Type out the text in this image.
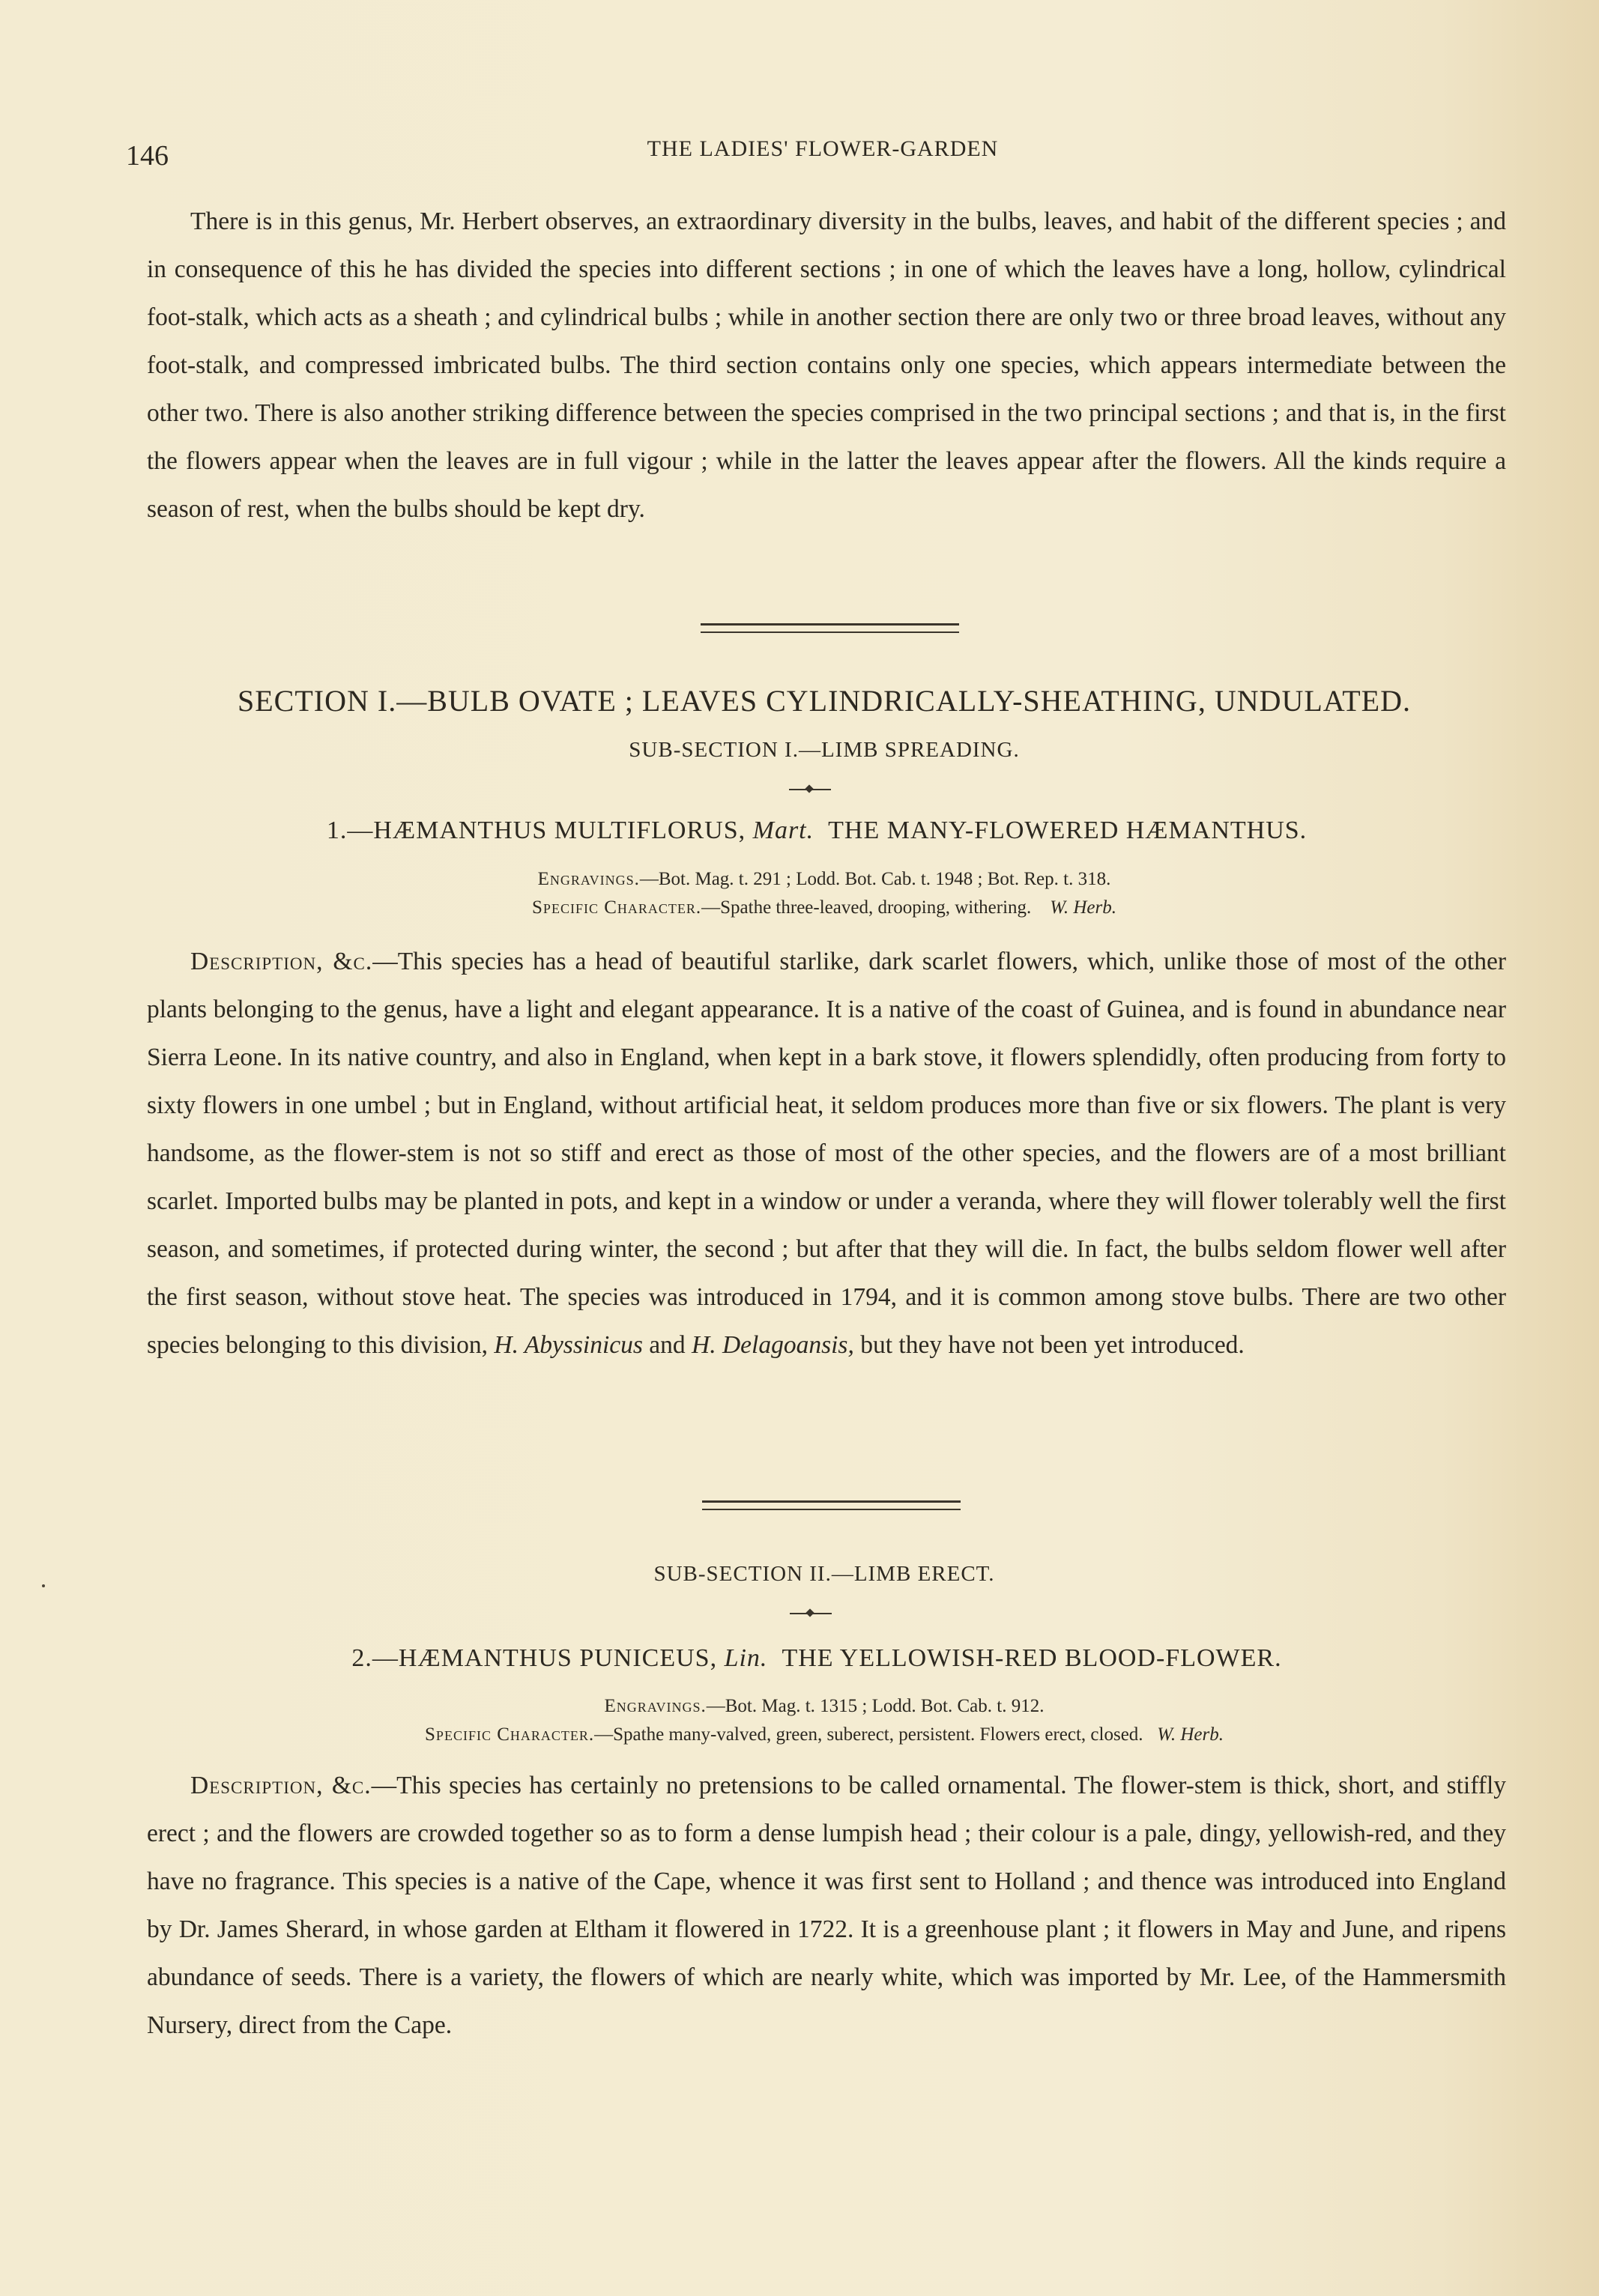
146	THE LADIES' FLOWER-GARDEN

There is in this genus, Mr. Herbert observes, an extraordinary diversity in the bulbs, leaves, and habit of the different species ; and in consequence of this he has divided the species into different sections ; in one of which the leaves have a long, hollow, cylindrical foot-stalk, which acts as a sheath ; and cylindrical bulbs ; while in another section there are only two or three broad leaves, without any foot-stalk, and compressed imbricated bulbs. The third section contains only one species, which appears intermediate between the other two. There is also another striking difference between the species comprised in the two principal sections ; and that is, in the first the flowers appear when the leaves are in full vigour ; while in the latter the leaves appear after the flowers. All the kinds require a season of rest, when the bulbs should be kept dry.

SECTION I.—BULB OVATE ; LEAVES CYLINDRICALLY-SHEATHING, UNDULATED.
SUB-SECTION I.—LIMB SPREADING.
1.—HÆMANTHUS MULTIFLORUS, Mart. THE MANY-FLOWERED HÆMANTHUS.

Engravings.—Bot. Mag. t. 291 ; Lodd. Bot. Cab. t. 1948 ; Bot. Rep. t. 318.

Specific Character.—Spathe three-leaved, drooping, withering. W. Herb.

Description, &c.—This species has a head of beautiful starlike, dark scarlet flowers, which, unlike those of most of the other plants belonging to the genus, have a light and elegant appearance. It is a native of the coast of Guinea, and is found in abundance near Sierra Leone. In its native country, and also in England, when kept in a bark stove, it flowers splendidly, often producing from forty to sixty flowers in one umbel ; but in England, without artificial heat, it seldom produces more than five or six flowers. The plant is very handsome, as the flower-stem is not so stiff and erect as those of most of the other species, and the flowers are of a most brilliant scarlet. Imported bulbs may be planted in pots, and kept in a window or under a veranda, where they will flower tolerably well the first season, and sometimes, if protected during winter, the second ; but after that they will die. In fact, the bulbs seldom flower well after the first season, without stove heat. The species was introduced in 1794, and it is common among stove bulbs. There are two other species belonging to this division, H. Abyssinicus and H. Delagoansis, but they have not been yet introduced.

SUB-SECTION II.—LIMB ERECT.
2.—HÆMANTHUS PUNICEUS, Lin. THE YELLOWISH-RED BLOOD-FLOWER.

Engravings.—Bot. Mag. t. 1315 ; Lodd. Bot. Cab. t. 912.

Specific Character.—Spathe many-valved, green, suberect, persistent. Flowers erect, closed. W. Herb.

Description, &c.—This species has certainly no pretensions to be called ornamental. The flower-stem is thick, short, and stiffly erect ; and the flowers are crowded together so as to form a dense lumpish head ; their colour is a pale, dingy, yellowish-red, and they have no fragrance. This species is a native of the Cape, whence it was first sent to Holland ; and thence was introduced into England by Dr. James Sherard, in whose garden at Eltham it flowered in 1722. It is a greenhouse plant ; it flowers in May and June, and ripens abundance of seeds. There is a variety, the flowers of which are nearly white, which was imported by Mr. Lee, of the Hammersmith Nursery, direct from the Cape.
